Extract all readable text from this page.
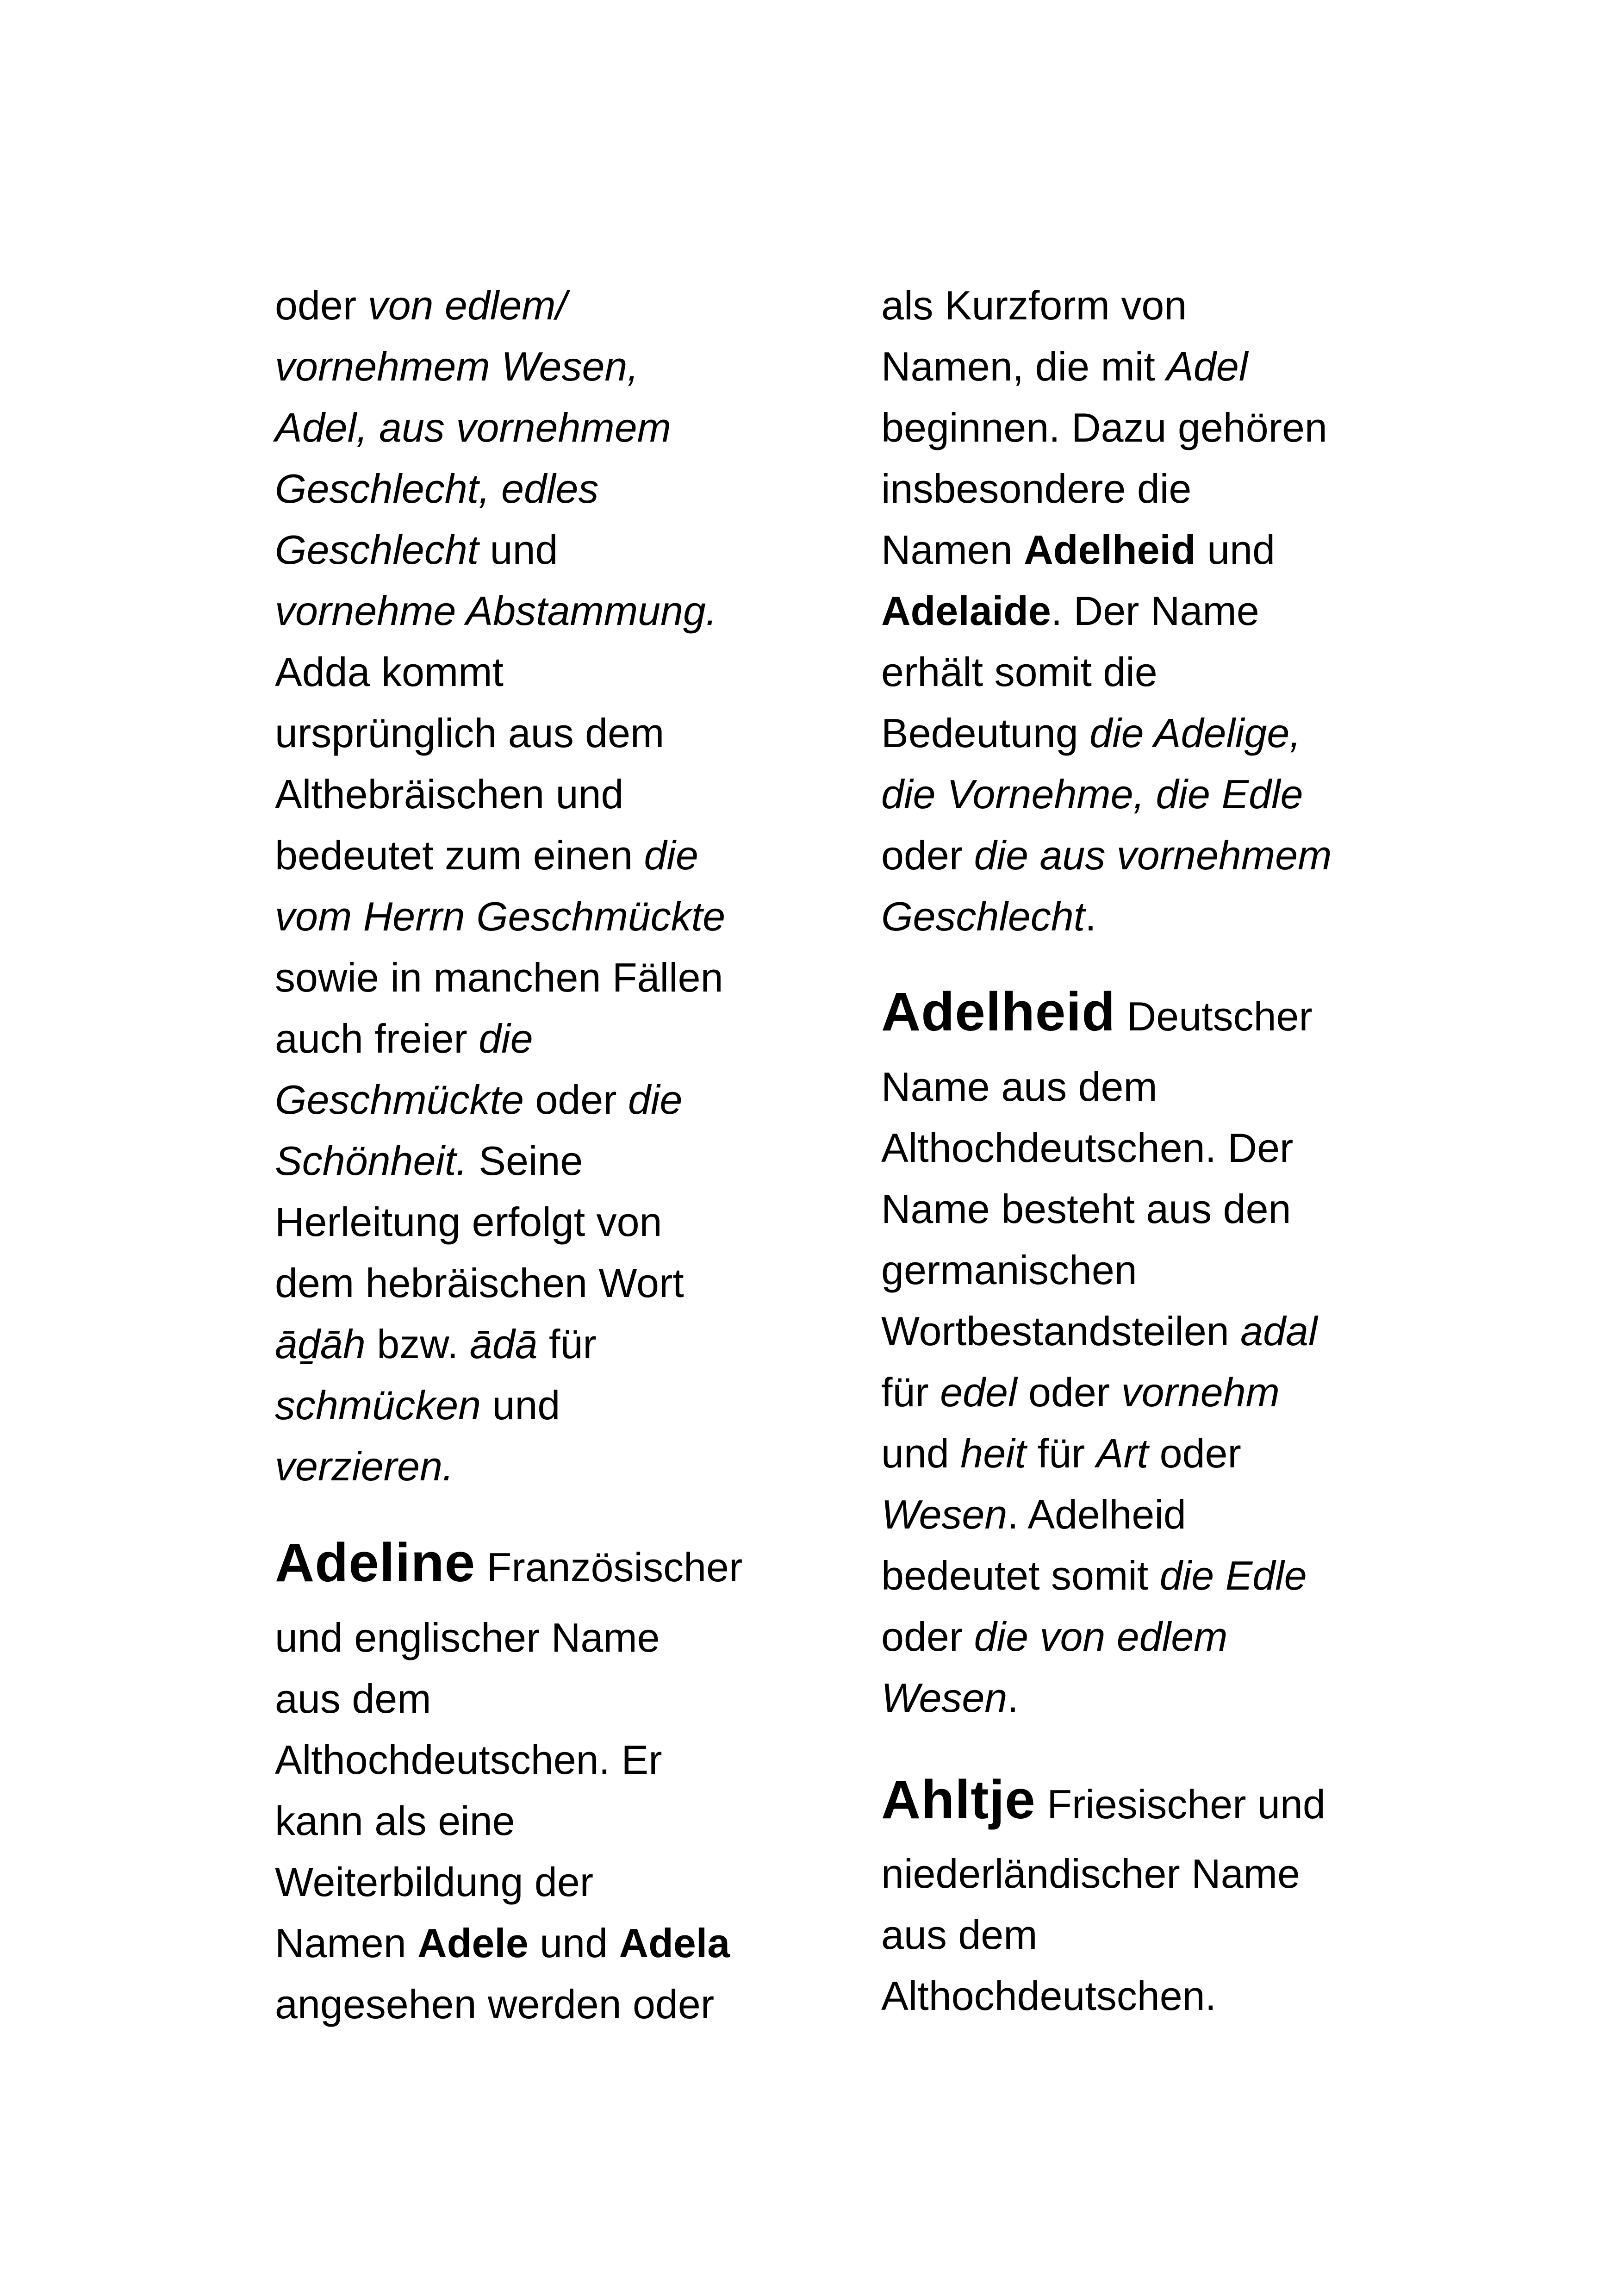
oder von edlem/

vornehmem Wesen,

Adel, aus vornehmem

Geschlecht, edles

Geschlecht und

vornehme Abstammung.

Adda kommt

ursprünglich aus dem

Althebräischen und

bedeutet zum einen die

vom Herrn Geschmückte

sowie in manchen Fällen

auch freier die

Geschmückte oder die

Schönheit. Seine

Herleitung erfolgt von

dem hebräischen Wort

āḏāh bzw. ādā für

schmücken und

verzieren.

Adeline Französischer

und englischer Name

aus dem

Althochdeutschen. Er

kann als eine

Weiterbildung der

Namen Adele und Adela

angesehen werden oder

als Kurzform von

Namen, die mit Adel

beginnen. Dazu gehören

insbesondere die

Namen Adelheid und

Adelaide. Der Name

erhält somit die

Bedeutung die Adelige,

die Vornehme, die Edle

oder die aus vornehmem

Geschlecht.

Adelheid Deutscher

Name aus dem

Althochdeutschen. Der

Name besteht aus den

germanischen

Wortbestandsteilen adal

für edel oder vornehm

und heit für Art oder

Wesen. Adelheid

bedeutet somit die Edle

oder die von edlem

Wesen.

Ahltje Friesischer und

niederländischer Name

aus dem

Althochdeutschen.
